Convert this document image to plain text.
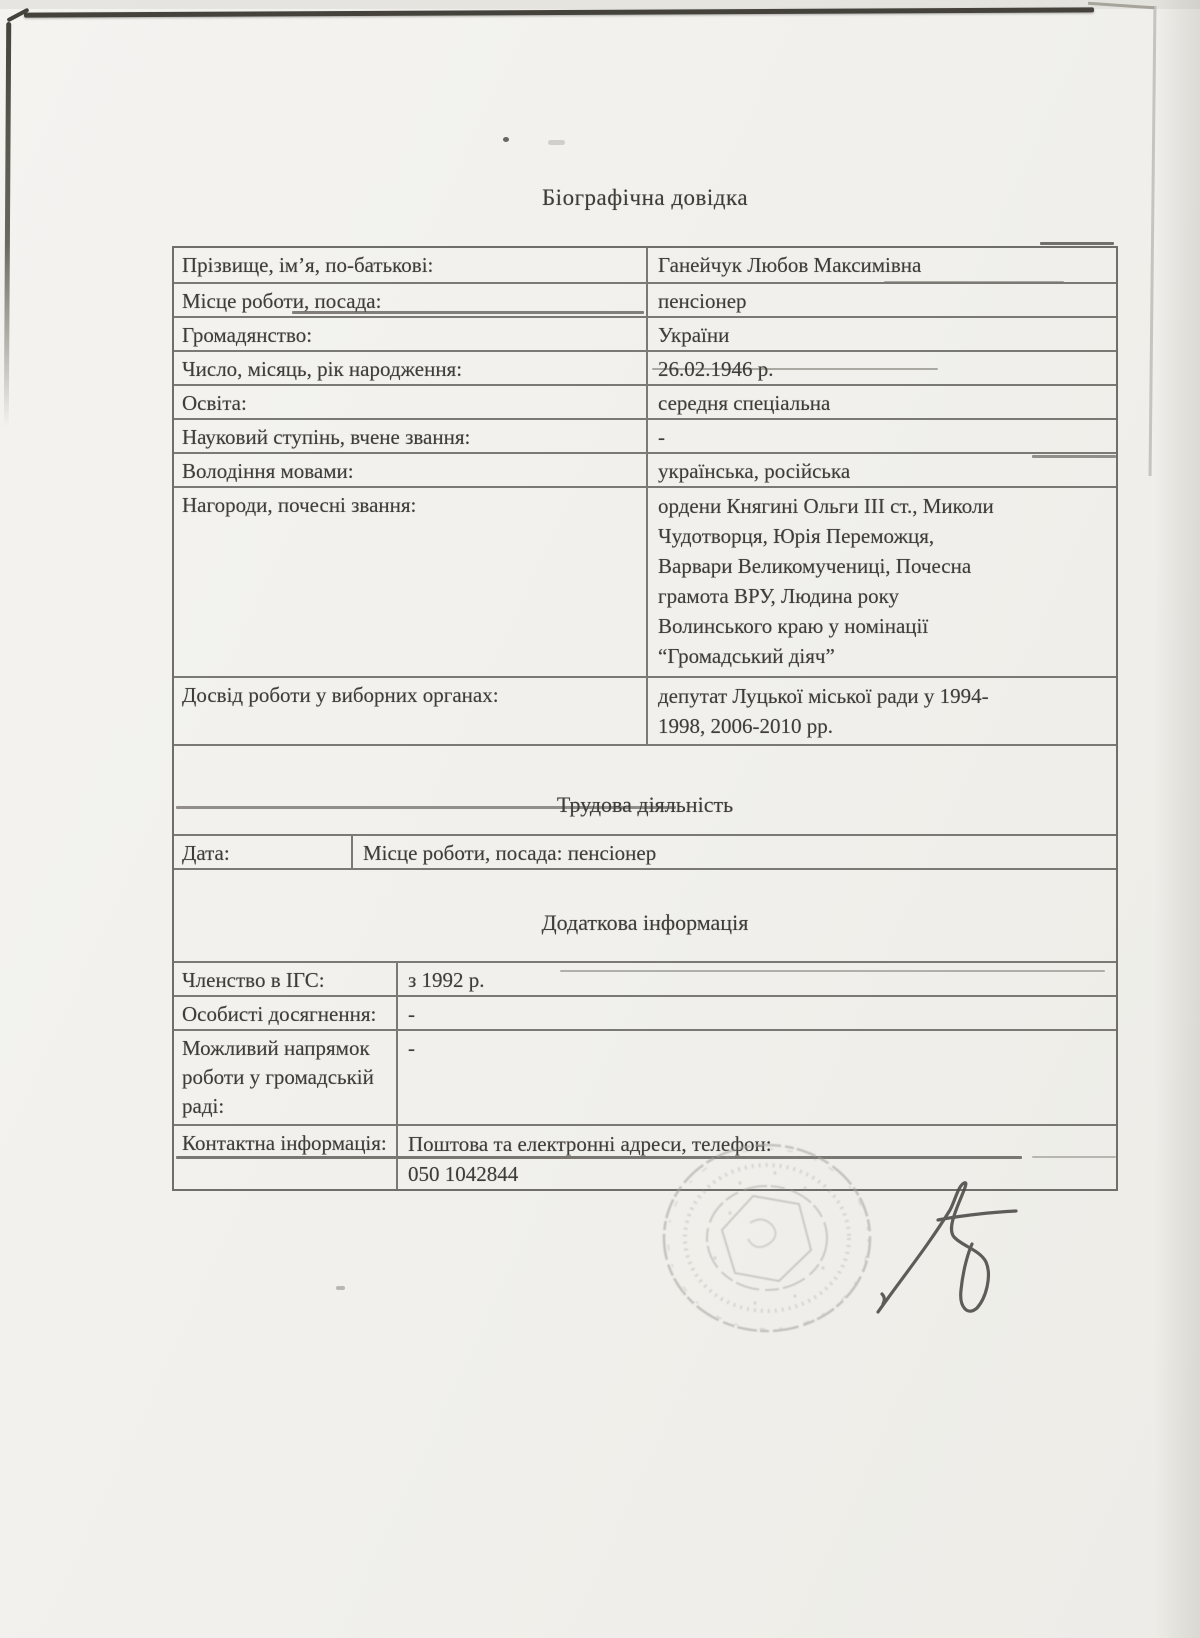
Біографічна довідка
Прізвище, ім’я, по-батькові:	Ганейчук Любов Максимівна
Місце роботи, посада:	пенсіонер
Громадянство:	України
Число, місяць, рік народження:	26.02.1946 р.
Освіта:	середня спеціальна
Науковий ступінь, вчене звання:	-
Володіння мовами:	українська, російська
Нагороди, почесні звання:	ордени Княгині Ольги ІІІ ст., Миколи
Чудотворця, Юрія Переможця,
Варвари Великомучениці, Почесна
грамота ВРУ, Людина року
Волинського краю у номінації
“Громадський діяч”
Досвід роботи у виборних органах:	депутат Луцької міської ради у 1994-
1998, 2006-2010 рр.
Трудова діяльність
Дата:	Місце роботи, посада: пенсіонер
Додаткова інформація
Членство в ІГС:	з 1992 р.
Особисті досягнення:	-
Можливий напрямок роботи у громадській раді:
-
Контактна інформація:	Поштова та електронні адреси, телефон:
050 1042844
